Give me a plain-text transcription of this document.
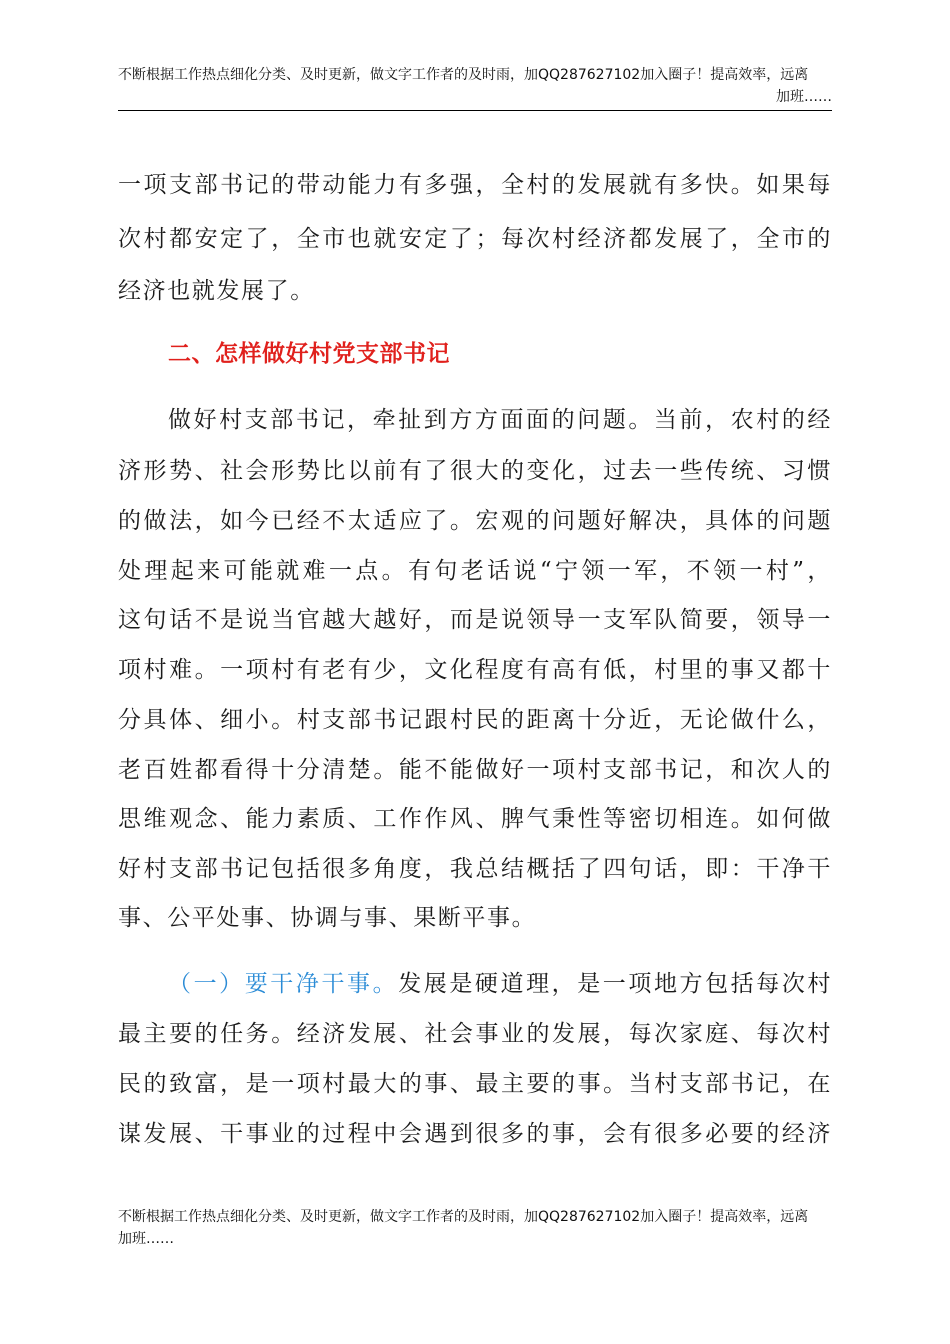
不断根据工作热点细化分类、及时更新，做文字工作者的及时雨，加QQ287627102加入圈子！提高效率，远离
加班……
一项支部书记的带动能力有多强，全村的发展就有多快。如果每
次村都安定了，全市也就安定了；每次村经济都发展了，全市的
经济也就发展了。
二、怎样做好村党支部书记
做好村支部书记，牵扯到方方面面的问题。当前，农村的经
济形势、社会形势比以前有了很大的变化，过去一些传统、习惯
的做法，如今已经不太适应了。宏观的问题好解决，具体的问题
处理起来可能就难一点。有句老话说“宁领一军，不领一村”，
这句话不是说当官越大越好，而是说领导一支军队简要，领导一
项村难。一项村有老有少，文化程度有高有低，村里的事又都十
分具体、细小。村支部书记跟村民的距离十分近，无论做什么，
老百姓都看得十分清楚。能不能做好一项村支部书记，和次人的
思维观念、能力素质、工作作风、脾气秉性等密切相连。如何做
好村支部书记包括很多角度，我总结概括了四句话，即：干净干
事、公平处事、协调与事、果断平事。
（一）要干净干事。发展是硬道理，是一项地方包括每次村
最主要的任务。经济发展、社会事业的发展，每次家庭、每次村
民的致富，是一项村最大的事、最主要的事。当村支部书记，在
谋发展、干事业的过程中会遇到很多的事，会有很多必要的经济
不断根据工作热点细化分类、及时更新，做文字工作者的及时雨，加QQ287627102加入圈子！提高效率，远离
加班……
